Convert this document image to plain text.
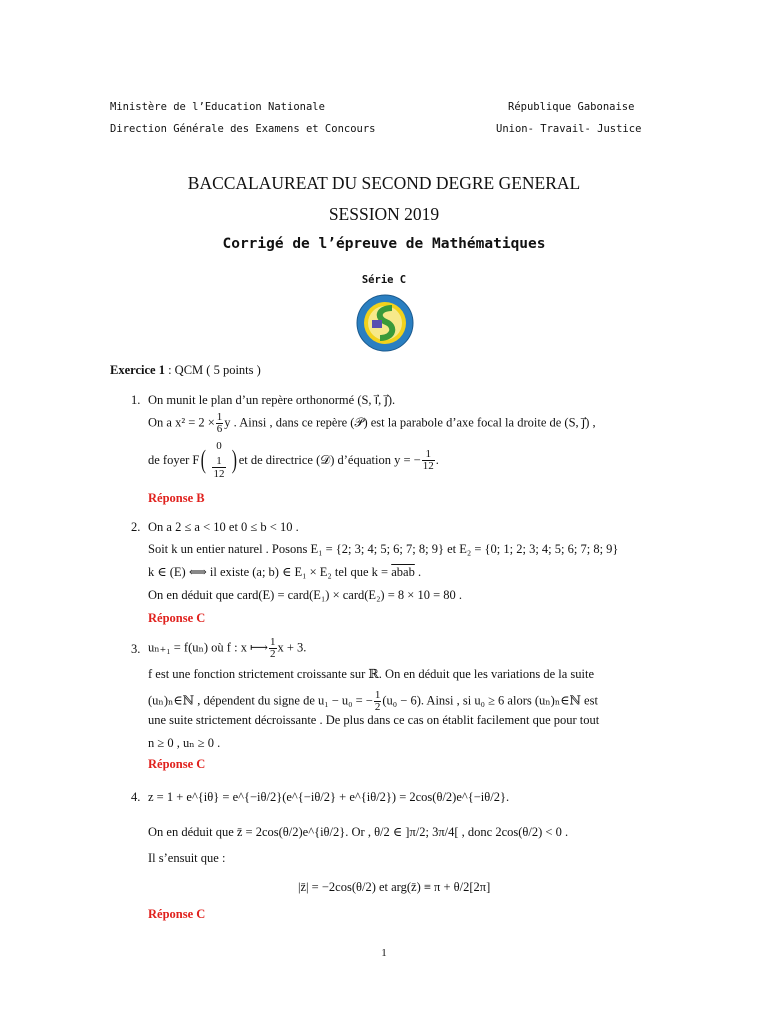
Ministère de l’Education Nationale
Direction Générale des Examens et Concours
République Gabonaise
Union- Travail- Justice
BACCALAUREAT DU SECOND DEGRE GENERAL
SESSION 2019
Corrigé de l’épreuve de Mathématiques
Série C
Exercice 1 : QCM ( 5 points )
1. On munit le plan d’un repère orthonormé (S, i⃗, j⃗).
On a $x^2 = 2 \times \frac{1}{6}$ y . Ainsi , dans ce repère (𝒫) est la parabole d’axe focal la droite de (S, j⃗) ,
de foyer F( 0
1
12 ) et de directrice (𝒟) d’équation y = − $\frac{1}{12}$ .
Réponse B
2. On a 2 ≤ a < 10 et 0 ≤ b < 10 .
Soit k un entier naturel . Posons E₁ = {2; 3; 4; 5; 6; 7; 8; 9} et E₂ = {0; 1; 2; 3; 4; 5; 6; 7; 8; 9}
k ∈ (E) ⟺ il existe (a; b) ∈ E₁ × E₂ tel que k = abab .
On en déduit que card(E) = card(E₁) × card(E₂) = 8 × 10 = 80 .
Réponse C
3. uₙ₊₁ = f(uₙ) où f : x ⟼ $\frac{1}{2}$ x + 3.
f est une fonction strictement croissante sur ℝ. On en déduit que les variations de la suite
(uₙ)ₙ∈ℕ , dépendent du signe de u₁ − u₀ = − $\frac{1}{2} (u_0 - 6)$. Ainsi , si u₀ ≥ 6 alors (uₙ)ₙ∈ℕ est
une suite strictement décroissante . De plus dans ce cas on établit facilement que pour tout
n ≥ 0 , uₙ ≥ 0 .
Réponse C
4. z = 1 + e^{iθ} = e^{−iθ/2}(e^{−iθ/2} + e^{iθ/2}) = 2cos(θ/2)e^{−iθ/2}.
On en déduit que z̄ = 2cos(θ/2)e^{iθ/2}. Or , θ/2 ∈ ]π/2; 3π/4[ , donc 2cos(θ/2) < 0 .
Il s’ensuit que :
|z̄| = −2cos(θ/2) et arg(z̄) ≡ π + θ/2[2π]
Réponse C
1
